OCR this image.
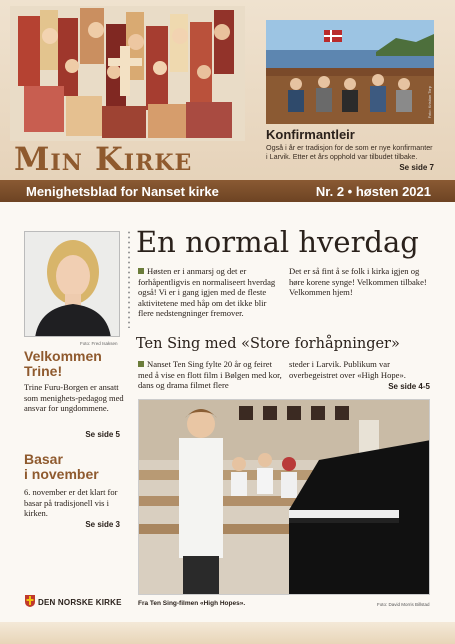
Min Kirke
Foto: Kristian Torp
Konfirmantleir
Også i år er tradisjon for de som er nye konfirmanter i Larvik. Etter et års opphold var tilbudet tilbake.
Se side 7
Menighetsblad for Nanset kirke	Nr. 2 • høsten 2021
Foto: Fred Isaksen
Velkommen
Trine!
Trine Furu-Borgen er ansatt som menighets-pedagog med ansvar for ungdommene.
Se side 5
Basar
i november
6. november er det klart for basar på tradisjonell vis i kirken.
Se side 3
En normal hverdag
Høsten er i anmarsj og det er forhåpentligvis en normaliseert hverdag også! Vi er i gang igjen med de fleste aktivitetene med håp om det ikke blir flere nedstengninger fremover.
Det er så fint å se folk i kirka igjen og høre korene synge! Velkommen tilbake! Velkommen hjem!
Ten Sing med «Store forhåpninger»
Nanset Ten Sing fylte 20 år og feiret med å vise en flott film i Bølgen med kor, dans og drama filmet flere
steder i Larvik. Publikum var overbegeistret over «High Hope».
Se side 4-5
Fra Ten Sing-filmen «High Hopes».	Foto: David Morris Billstad
DEN NORSKE KIRKE
